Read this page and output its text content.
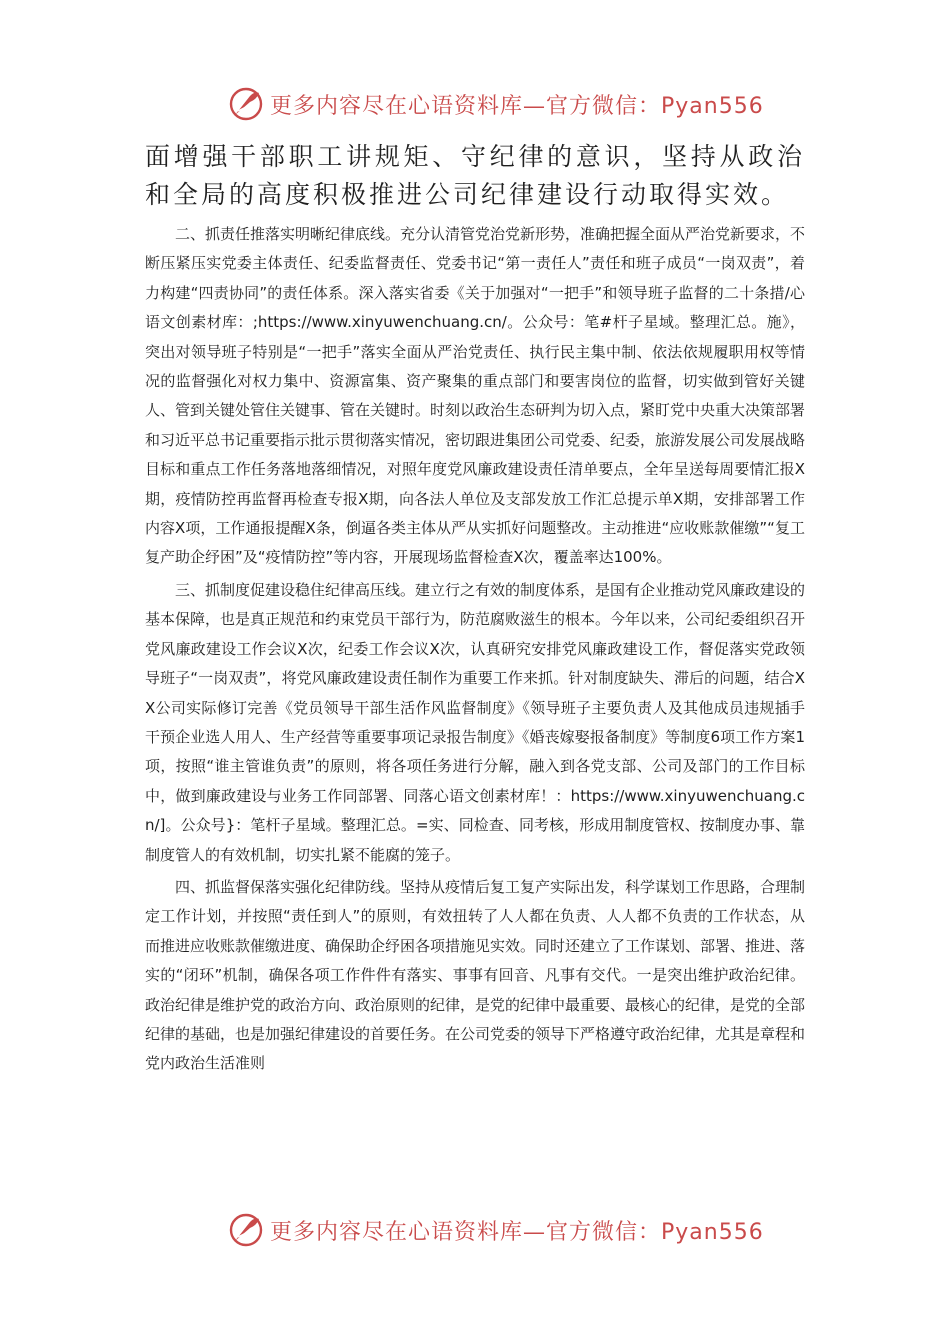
更多内容尽在心语资料库—官方微信：Pyan556

面增强干部职工讲规矩、守纪律的意识，坚持从政治和全局的高度积极推进公司纪律建设行动取得实效。

二、抓责任推落实明晰纪律底线。充分认清管党治党新形势，准确把握全面从严治党新要求，不断压紧压实党委主体责任、纪委监督责任、党委书记“第一责任人”责任和班子成员“一岗双责”，着力构建“四责协同”的责任体系。深入落实省委《关于加强对“一把手”和领导班子监督的二十条措/心语文创素材库：;https://www.xinyuwenchuang.cn/。公众号：笔#杆子星域。整理汇总。施》，突出对领导班子特别是“一把手”落实全面从严治党责任、执行民主集中制、依法依规履职用权等情况的监督强化对权力集中、资源富集、资产聚集的重点部门和要害岗位的监督，切实做到管好关键人、管到关键处管住关键事、管在关键时。时刻以政治生态研判为切入点，紧盯党中央重大决策部署和习近平总书记重要指示批示贯彻落实情况，密切跟进集团公司党委、纪委，旅游发展公司发展战略目标和重点工作任务落地落细情况，对照年度党风廉政建设责任清单要点，全年呈送每周要情汇报X期，疫情防控再监督再检查专报X期，向各法人单位及支部发放工作汇总提示单X期，安排部署工作内容X项，工作通报提醒X条，倒逼各类主体从严从实抓好问题整改。主动推进“应收账款催缴”“复工复产助企纾困”及“疫情防控”等内容，开展现场监督检查X次，覆盖率达100%。

三、抓制度促建设稳住纪律高压线。建立行之有效的制度体系，是国有企业推动党风廉政建设的基本保障，也是真正规范和约束党员干部行为，防范腐败滋生的根本。今年以来，公司纪委组织召开党风廉政建设工作会议X次，纪委工作会议X次，认真研究安排党风廉政建设工作，督促落实党政领导班子“一岗双责”，将党风廉政建设责任制作为重要工作来抓。针对制度缺失、滞后的问题，结合XX公司实际修订完善《党员领导干部生活作风监督制度》《领导班子主要负责人及其他成员违规插手干预企业选人用人、生产经营等重要事项记录报告制度》《婚丧嫁娶报备制度》等制度6项工作方案1项，按照“谁主管谁负责”的原则，将各项任务进行分解，融入到各党支部、公司及部门的工作目标中，做到廉政建设与业务工作同部署、同落心语文创素材库！：https://www.xinyuwenchuang.cn/]。公众号}：笔杆子星域。整理汇总。=实、同检查、同考核，形成用制度管权、按制度办事、靠制度管人的有效机制，切实扎紧不能腐的笼子。

四、抓监督保落实强化纪律防线。坚持从疫情后复工复产实际出发，科学谋划工作思路，合理制定工作计划，并按照“责任到人”的原则，有效扭转了人人都在负责、人人都不负责的工作状态，从而推进应收账款催缴进度、确保助企纾困各项措施见实效。同时还建立了工作谋划、部署、推进、落实的“闭环”机制，确保各项工作件件有落实、事事有回音、凡事有交代。一是突出维护政治纪律。政治纪律是维护党的政治方向、政治原则的纪律，是党的纪律中最重要、最核心的纪律，是党的全部纪律的基础，也是加强纪律建设的首要任务。在公司党委的领导下严格遵守政治纪律，尤其是章程和党内政治生活准则

更多内容尽在心语资料库—官方微信：Pyan556
